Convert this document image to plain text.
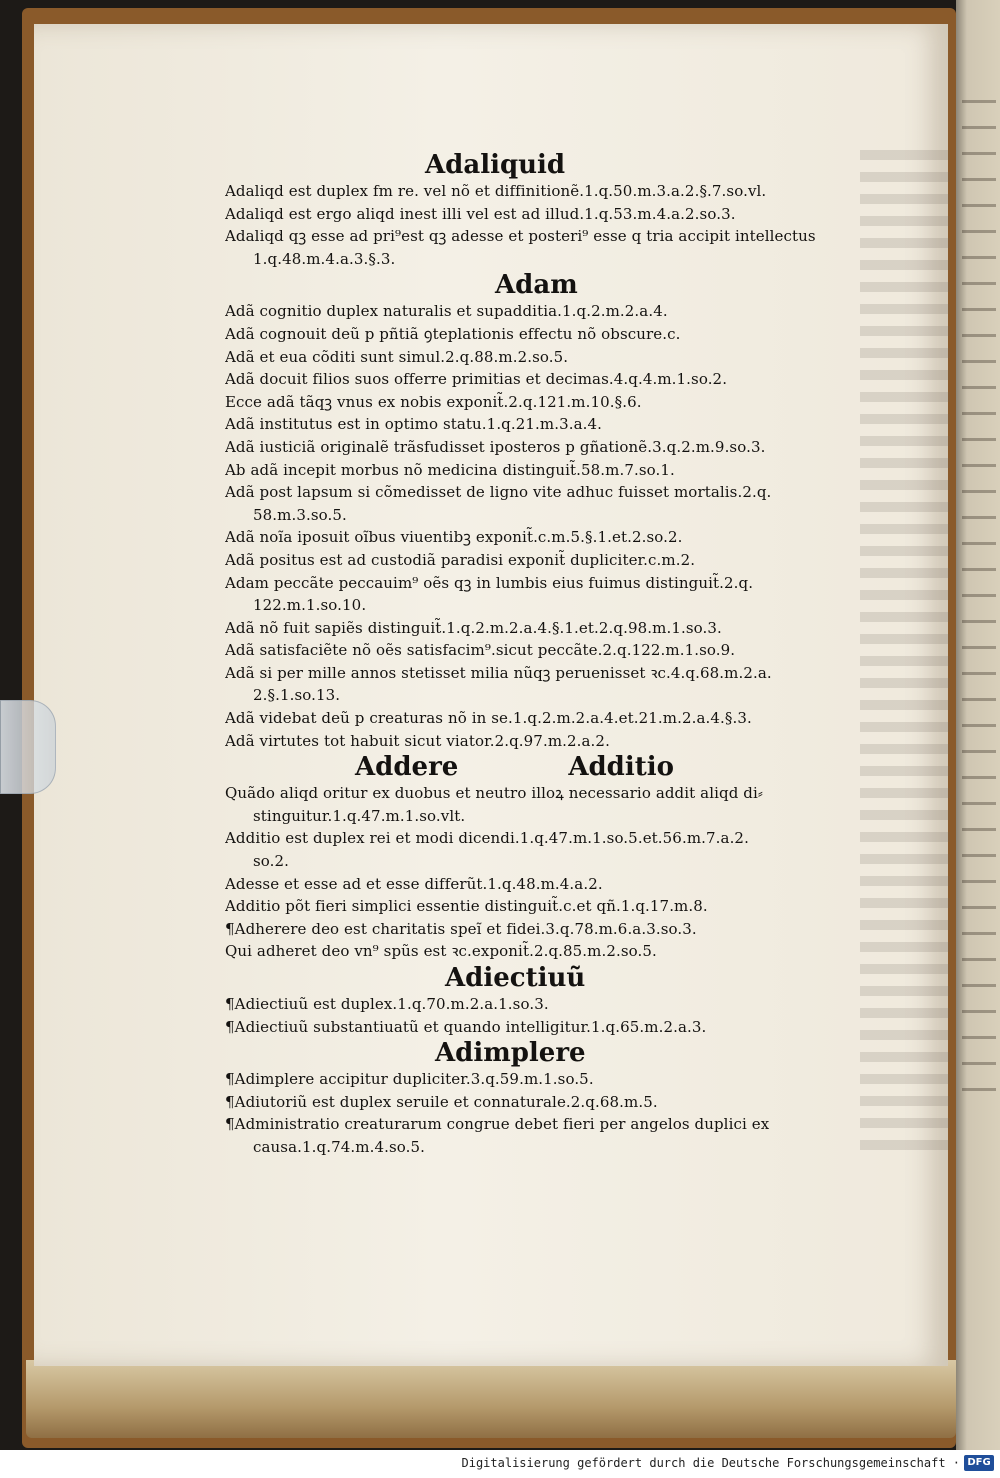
Adaliquid
Adaliqd est duplex fm re. vel nõ et diffinitionẽ.1.q.50.m.3.a.2.§.7.so.vl.
Adaliqd est ergo aliqd inest illi vel est ad illud.1.q.53.m.4.a.2.so.3.
Adaliqd qꝫ esse ad pri⁹est qꝫ adesse et posteri⁹ esse q tria accipit intellectus
1.q.48.m.4.a.3.§.3.
Adam
Adã cognitio duplex naturalis et supadditia.1.q.2.m.2.a.4.
Adã cognouit deũ p pñtiã ꝯteplationis effectu nõ obscure.c.
Adã et eua cõditi sunt simul.2.q.88.m.2.so.5.
Adã docuit filios suos offerre primitias et decimas.4.q.4.m.1.so.2.
Ecce adã tãqꝫ vnus ex nobis exponit̃.2.q.121.m.10.§.6.
Adã institutus est in optimo statu.1.q.21.m.3.a.4.
Adã iusticiã originalẽ trãsfudisset iposteros p gñationẽ.3.q.2.m.9.so.3.
Ab adã incepit morbus nõ medicina distinguit̃.58.m.7.so.1.
Adã post lapsum si cõmedisset de ligno vite adhuc fuisset mortalis.2.q.
58.m.3.so.5.
Adã noĩa iposuit oĩbus viuentibꝫ exponit̃.c.m.5.§.1.et.2.so.2.
Adã positus est ad custodiã paradisi exponit̃ dupliciter.c.m.2.
Adam peccãte peccauim⁹ oẽs qꝫ in lumbis eius fuimus distinguit̃.2.q.
122.m.1.so.10.
Adã nõ fuit sapiẽs distinguit̃.1.q.2.m.2.a.4.§.1.et.2.q.98.m.1.so.3.
Adã satisfaciẽte nõ oẽs satisfacim⁹.sicut peccãte.2.q.122.m.1.so.9.
Adã si per mille annos stetisset milia nũqꝫ peruenisset ꝛc.4.q.68.m.2.a.
2.§.1.so.13.
Adã videbat deũ p creaturas nõ in se.1.q.2.m.2.a.4.et.21.m.2.a.4.§.3.
Adã virtutes tot habuit sicut viator.2.q.97.m.2.a.2.
Addere	Additio
Quãdo aliqd oritur ex duobus et neutro illoꝝ necessario addit aliqd di⸗
stinguitur.1.q.47.m.1.so.vlt.
Additio est duplex rei et modi dicendi.1.q.47.m.1.so.5.et.56.m.7.a.2.
so.2.
Adesse et esse ad et esse differũt.1.q.48.m.4.a.2.
Additio põt fieri simplici essentie distinguit̃.c.et qñ.1.q.17.m.8.
¶Adherere deo est charitatis speĩ et fidei.3.q.78.m.6.a.3.so.3.
Qui adheret deo vn⁹ spũs est ꝛc.exponit̃.2.q.85.m.2.so.5.
Adiectiuũ
¶Adiectiuũ est duplex.1.q.70.m.2.a.1.so.3.
¶Adiectiuũ substantiuatũ et quando intelligitur.1.q.65.m.2.a.3.
Adimplere
¶Adimplere accipitur dupliciter.3.q.59.m.1.so.5.
¶Adiutoriũ est duplex seruile et connaturale.2.q.68.m.5.
¶Administratio creaturarum congrue debet fieri per angelos duplici ex
causa.1.q.74.m.4.so.5.
Digitalisierung gefördert durch die Deutsche Forschungsgemeinschaft · DFG
